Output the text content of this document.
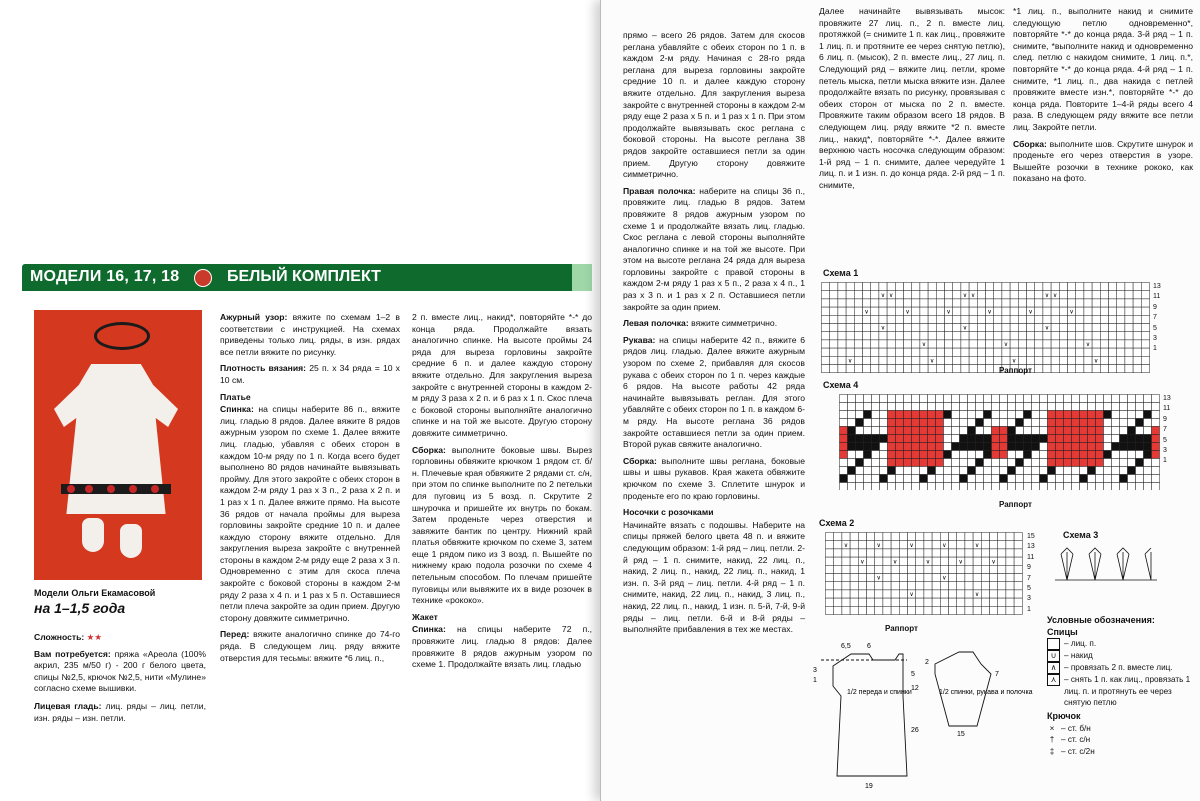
МОДЕЛИ 16, 17, 18	БЕЛЫЙ КОМПЛЕКТ
Модели Ольги Екамасовой
на 1–1,5 года

Сложность: ★★

Вам потребуется: пряжа «Ареола (100% акрил, 235 м/50 г) - 200 г белого цвета, спицы №2,5, крючок №2,5, нити «Мулине» согласно схеме вышивки.

Лицевая гладь: лиц. ряды – лиц. петли, изн. ряды – изн. петли.

Ажурный узор: вяжите по схемам 1–2 в соответствии с инструкцией. На схемах приведены только лиц. ряды, в изн. рядах все петли вяжите по рисунку.

Плотность вязания: 25 п. х 34 ряда = 10 х 10 см.

Платье

Спинка: на спицы наберите 86 п., вяжите лиц. гладью 8 рядов. Далее вяжите 8 рядов ажурным узором по схеме 1. Далее вяжите лиц. гладью, убавляя с обеих сторон в каждом 10-м ряду по 1 п. Когда всего будет выполнено 80 рядов начинайте вывязывать пройму. Для этого закройте с обеих сторон в каждом 2-м ряду 1 раз х 3 п., 2 раза х 2 п. и 1 раз х 1 п. Далее вяжите прямо. На высоте 36 рядов от начала проймы для выреза горловины закройте средние 10 п. и далее каждую сторону вяжите отдельно. Для закругления выреза закройте с внутренней стороны в каждом 2-м ряду еще 2 раза х 3 п. Одновременно с этим для скоса плеча закройте с боковой стороны в каждом 2-м ряду 2 раза х 4 п. и 1 раз х 5 п. Оставшиеся петли плеча закройте за один прием. Другую сторону довяжите симметрично.

Перед: вяжите аналогично спинке до 74-го ряда. В следующем лиц. ряду вяжите отверстия для тесьмы: вяжите *6 лиц. п.,

2 п. вместе лиц., накид*, повторяйте *-* до конца ряда. Продолжайте вязать аналогично спинке. На высоте проймы 24 ряда для выреза горловины закройте средние 6 п. и далее каждую сторону вяжите отдельно. Для закругления выреза закройте с внутренней стороны в каждом 2-м ряду 3 раза х 2 п. и 6 раз х 1 п. Скос плеча с боковой стороны выполняйте аналогично спинке и на той же высоте. Другую сторону довяжите симметрично.

Сборка: выполните боковые швы. Вырез горловины обвяжите крючком 1 рядом ст. б/н. Плечевые края обвяжите 2 рядами ст. с/н, при этом по спинке выполните по 2 петельки для пуговиц из 5 возд. п. Скрутите 2 шнурочка и пришейте их внутрь по бокам. Затем проденьте через отверстия и завяжите бантик по центру. Нижний край платья обвяжите крючком по схеме 3, затем еще 1 рядом пико из 3 возд. п. Вышейте по нижнему краю подола розочки по схеме 4 петельным способом. По плечам пришейте пуговицы или вывяжите их в виде розочек в технике «рококо».

Жакет

Спинка: на спицы наберите 72 п., провяжите лиц. гладью 8 рядов: Далее провяжите 8 рядов ажурным узором по схеме 1. Продолжайте вязать лиц. гладью

прямо – всего 26 рядов. Затем для скосов реглана убавляйте с обеих сторон по 1 п. в каждом 2-м ряду. Начиная с 28-го ряда реглана для выреза горловины закройте средние 10 п. и далее каждую сторону вяжите отдельно. Для закругления выреза закройте с внутренней стороны в каждом 2-м ряду еще 2 раза х 5 п. и 1 раз х 1 п. При этом продолжайте вывязывать скос реглана с боковой стороны. На высоте реглана 38 рядов закройте оставшиеся петли за один прием. Другую сторону довяжите симметрично.

Правая полочка: наберите на спицы 36 п., провяжите лиц. гладью 8 рядов. Затем провяжите 8 рядов ажурным узором по схеме 1 и продолжайте вязать лиц. гладью. Скос реглана с левой стороны выполняйте аналогично спинке и на той же высоте. При этом на высоте реглана 24 ряда для выреза горловины закройте с правой стороны в каждом 2-м ряду 1 раз х 5 п., 2 раза х 4 п., 1 раз х 3 п. и 1 раз х 2 п. Оставшиеся петли закройте за один прием.

Левая полочка: вяжите симметрично.

Рукава: на спицы наберите 42 п., вяжите 6 рядов лиц. гладью. Далее вяжите ажурным узором по схеме 2, прибавляя для скосов рукава с обеих сторон по 1 п. через каждые 6 рядов. На высоте работы 42 ряда начинайте вывязывать реглан. Для этого убавляйте с обеих сторон по 1 п. в каждом 6-м ряду. На высоте реглана 36 рядов закройте оставшиеся петли за один прием. Второй рукав свяжите аналогично.

Сборка: выполните швы реглана, боковые швы и швы рукавов. Края жакета обвяжите крючком по схеме 3. Сплетите шнурок и проденьте его по краю горловины.

Носочки с розочками

Начинайте вязать с подошвы. Наберите на спицы пряжей белого цвета 48 п. и вяжите следующим образом: 1-й ряд – лиц. петли. 2-й ряд – 1 п. снимите, накид, 22 лиц. п., накид, 2 лиц. п., накид, 22 лиц. п., накид, 1 изн. п. 3-й ряд – лиц. петли. 4-й ряд – 1 п. снимите, накид, 22 лиц. п., накид, 3 лиц. п., накид, 22 лиц. п., накид, 1 изн. п. 5-й, 7-й, 9-й ряды – лиц. петли. 6-й и 8-й ряды – выполняйте прибавления в тех же местах.

Далее начинайте вывязывать мысок: провяжите 27 лиц. п., 2 п. вместе лиц. протяжкой (= снимите 1 п. как лиц., провяжите 1 лиц. п. и протяните ее через снятую петлю), 6 лиц. п. (мысок), 2 п. вместе лиц., 27 лиц. п. Следующий ряд – вяжите лиц. петли, кроме петель мыска, петли мыска вяжите изн. Далее продолжайте вязать по рисунку, провязывая с обеих сторон от мыска по 2 п. вместе. Провяжите таким образом всего 18 рядов. В следующем лиц. ряду вяжите *2 п. вместе лиц., накид*, повторяйте *-*. Далее вяжите верхнюю часть носочка следующим образом: 1-й ряд – 1 п. снимите, далее чередуйте 1 лиц. п. и 1 изн. п. до конца ряда. 2-й ряд – 1 п. снимите,

*1 лиц. п., выполните накид и снимите следующую петлю одновременно*, повторяйте *-* до конца ряда. 3-й ряд – 1 п. снимите, *выполните накид и одновременно след. петлю с накидом снимите, 1 лиц. п.*, повторяйте *-* до конца ряда. 4-й ряд – 1 п. снимите, *1 лиц. п., два накида с петлей провяжите вместе изн.*, повторяйте *-* до конца ряда. Повторите 1–4-й ряды всего 4 раза. В следующем ряду вяжите все петли лиц. Закройте петли.

Сборка: выполните шов. Скрутите шнурок и проденьте его через отверстия в узоре. Вышейте розочки в технике рококо, как показано на фото.

Схема 1
∨ ∨	∨ ∨	∨ ∨
∨	∨	∨	∨	∨	∨
∨	∨	∨
∨	∨	∨
∨	∨	∨	∨
13
11
9
7
5
3
1
Раппорт
Схема 4
13
11
9
7
5
3
1
Раппорт
Схема 2
∨	∨	∨	∨	∨
∨	∨	∨	∨	∨
∨	∨
∨	∨
15
13
11
9
7
5
3
1
Раппорт
Схема 3
1/2 переда и спинки	1/2 спинки, рукава и полочка
6,5 6
3
1
5
12
26
19
2
7
15
Условные обозначения:
Спицы
– лиц. п.
∪ – накид
∧ – провязать 2 п. вместе лиц.
⋏ – снять 1 п. как лиц., провязать 1 лиц. п. и протянуть ее через снятую петлю
Крючок
× – ст. б/н
† – ст. с/н
‡ – ст. с/2н
